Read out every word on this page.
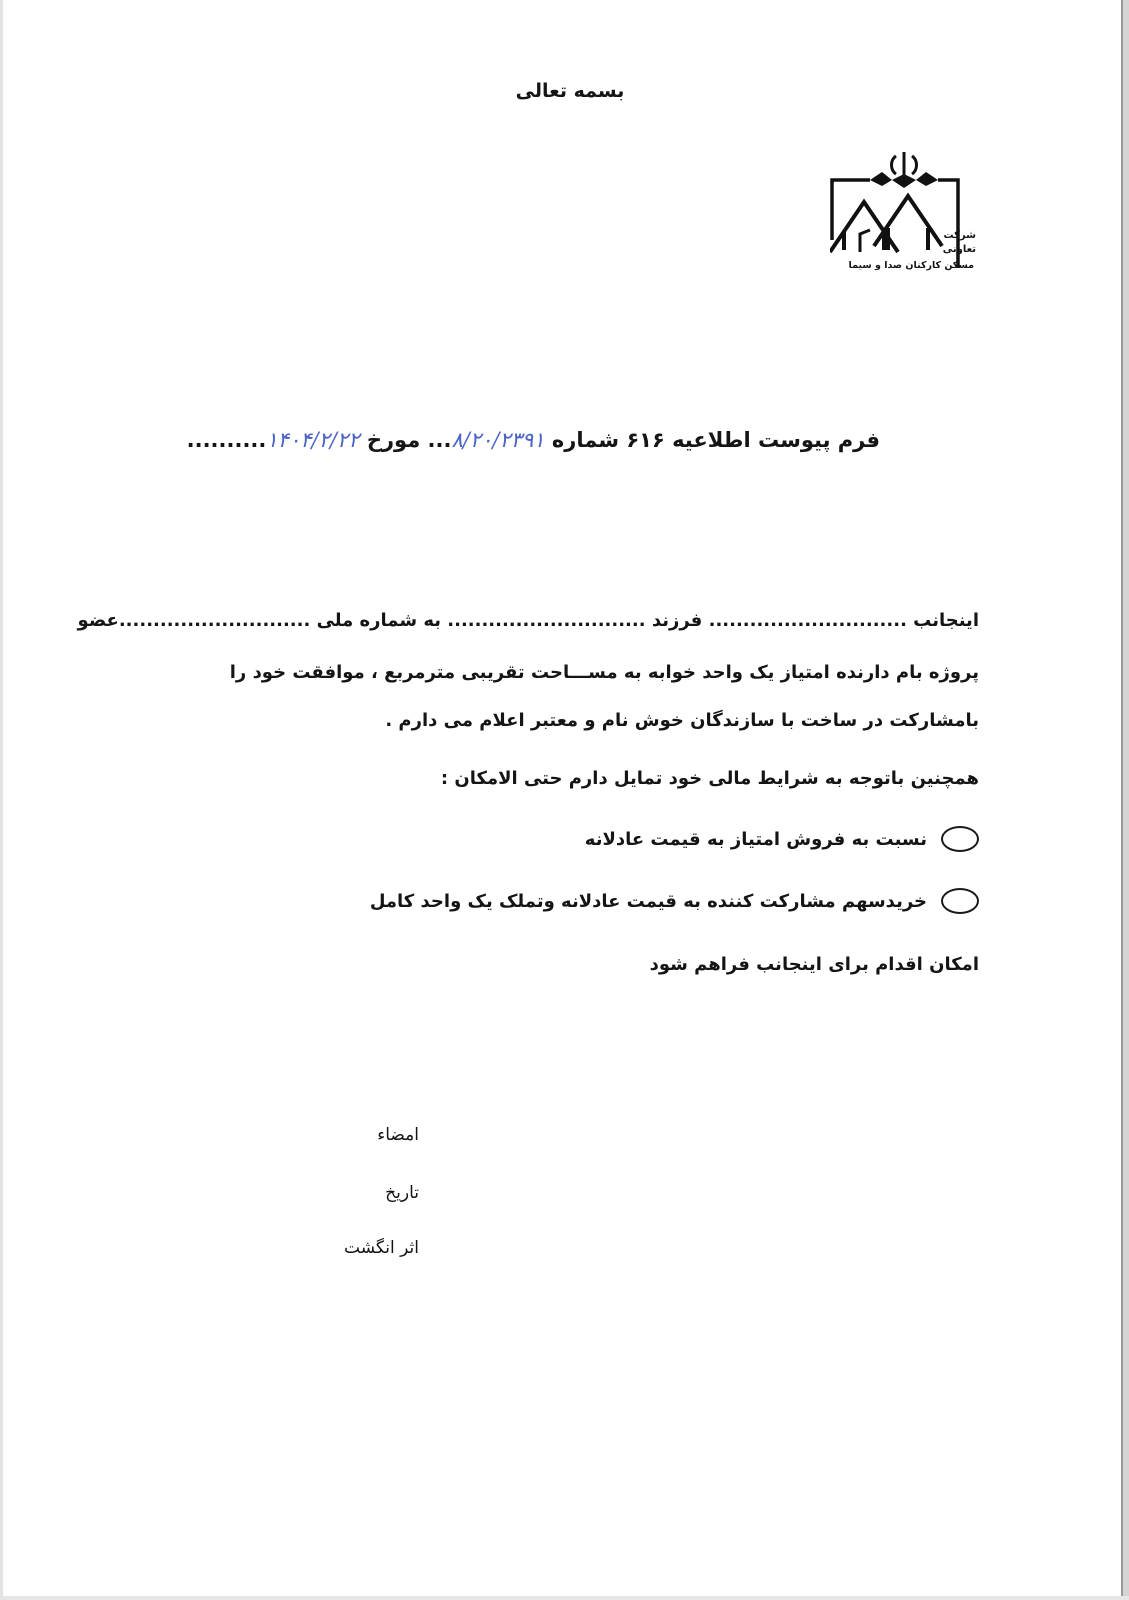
بسمه تعالی
شرکت
تعاونی
مسکن کارکنان صدا و سیما
فرم پیوست اطلاعیه ۶۱۶ شماره ۸/۲۰/۲۳۹۱... مورخ ۱۴۰۴/۲/۲۲..........
اینجانب ............................. فرزند ............................. به شماره ملی ............................عضو
پروژه بام دارنده امتیاز یک واحد خوابه به مســـاحت تقریبی مترمربع ، موافقت خود را
بامشارکت در ساخت با سازندگان خوش نام و معتبر اعلام می دارم .
همچنین باتوجه به شرایط مالی خود تمایل دارم حتی الامکان :
نسبت به فروش امتیاز به قیمت عادلانه
خریدسهم مشارکت کننده به قیمت عادلانه وتملک یک واحد کامل
امکان اقدام برای اینجانب فراهم شود
امضاء
تاریخ
اثر انگشت
